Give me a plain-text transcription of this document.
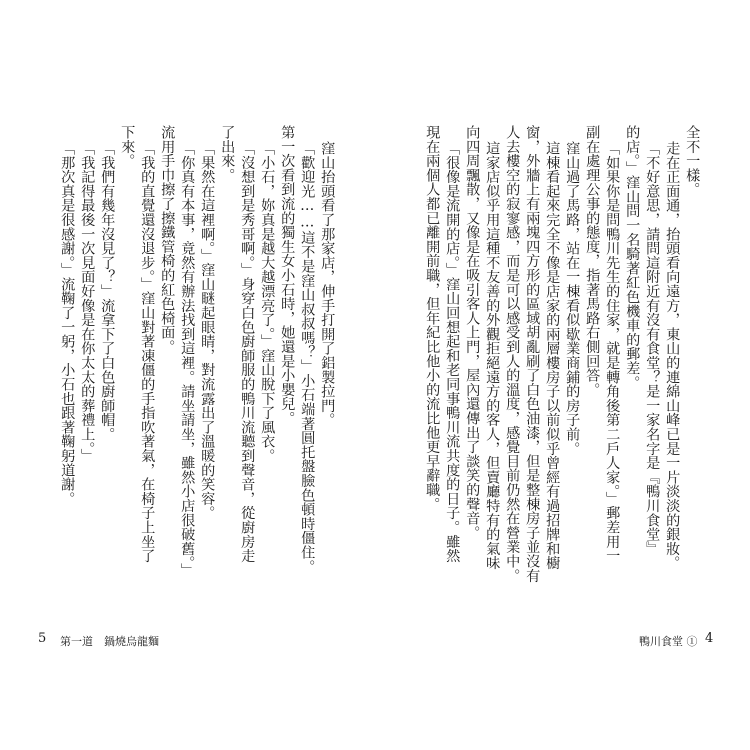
全不一樣。
走在正面通，抬頭看向遠方，東山的連綿山峰已是一片淡淡的銀妝。
「不好意思，請問這附近有沒有食堂？是一家名字是『鴨川食堂』
的店。」窪山問一名騎著紅色機車的郵差。
「如果你是問鴨川先生的住家，就是轉角後第二戶人家。」郵差用一
副在處理公事的態度，指著馬路右側回答。
窪山過了馬路，站在一棟看似歇業商鋪的房子前。
這棟看起來完全不像是店家的兩層樓房子以前似乎曾經有過招牌和櫥
窗，外牆上有兩塊四方形的區域胡亂刷了白色油漆，但是整棟房子並沒有
人去樓空的寂寥感，而是可以感受到人的溫度，感覺目前仍然在營業中。
這家店似乎用這種不友善的外觀拒絕遠方的客人，但賣廳特有的氣味
向四周飄散，又像是在吸引客人上門，屋內還傳出了談笑的聲音。
「很像是流開的店。」窪山回想起和老同事鴨川流共度的日子。雖然
現在兩個人都已離開前職，但年紀比他小的流比他更早辭職。
鴨川食堂 ① 4
窪山抬頭看了那家店，伸手打開了鋁製拉門。
「歡迎光……這不是窪山叔叔嗎？」小石端著圓托盤臉色頓時僵住。
第一次看到流的獨生女小石時，她還是小嬰兒。
「小石，妳真是越大越漂亮了。」窪山脫下了風衣。
「沒想到是秀哥啊。」身穿白色廚師服的鴨川流聽到聲音，從廚房走
了出來。
「果然在這裡啊。」窪山瞇起眼睛，對流露出了溫暖的笑容。
「你真有本事，竟然有辦法找到這裡。請坐請坐，雖然小店很破舊。」
流用手巾擦了擦鐵管椅的紅色椅面。
「我的直覺還沒退步。」窪山對著凍僵的手指吹著氣，在椅子上坐了
下來。
「我們有幾年沒見了？」流拿下了白色廚師帽。
「我記得最後一次見面好像是在你太太的葬禮上。」
「那次真是很感謝。」流鞠了一躬，小石也跟著鞠躬道謝。
5 第一道　鍋燒烏龍麵
